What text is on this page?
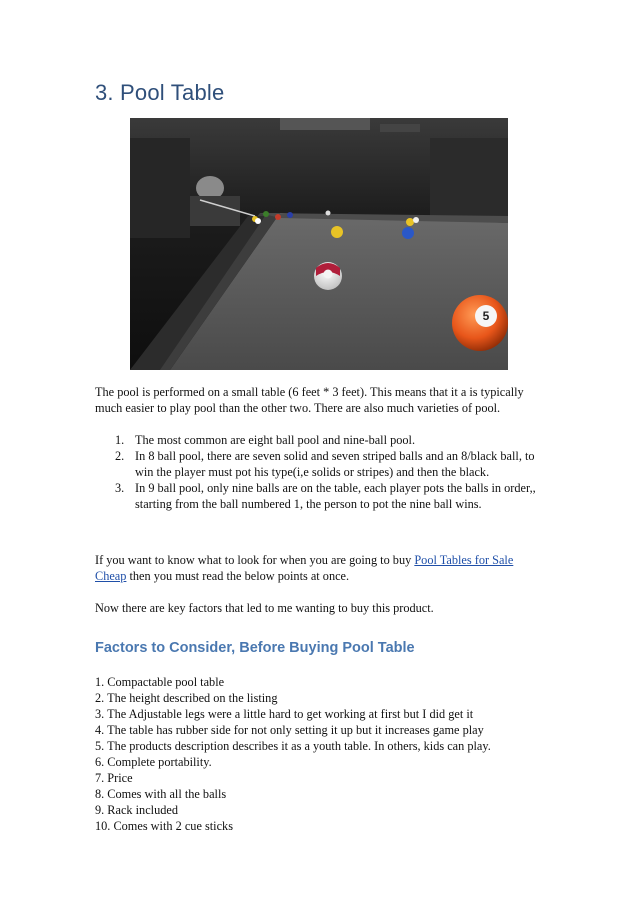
3. Pool Table
5
The pool is performed on a small table (6 feet * 3 feet). This means that it a is typically much easier to play pool than the other two. There are also much varieties of pool.
1. The most common are eight ball pool and nine-ball pool.
2. In 8 ball pool, there are seven solid and seven striped balls and an 8/black ball, to win the player must pot his type(i,e solids or stripes) and then the black.
3. In 9 ball pool, only nine balls are on the table, each player pots the balls in order,, starting from the ball numbered 1, the person to pot the nine ball wins.
If you want to know what to look for when you are going to buy Pool Tables for Sale Cheap then you must read the below points at once.
Now there are key factors that led to me wanting to buy this product.
Factors to Consider, Before Buying Pool Table
1. Compactable pool table
2. The height described on the listing
3. The Adjustable legs were a little hard to get working at first but I did get it
4. The table has rubber side for not only setting it up but it increases game play
5. The products description describes it as a youth table. In others, kids can play.
6. Complete portability.
7. Price
8. Comes with all the balls
9. Rack included
10. Comes with 2 cue sticks
